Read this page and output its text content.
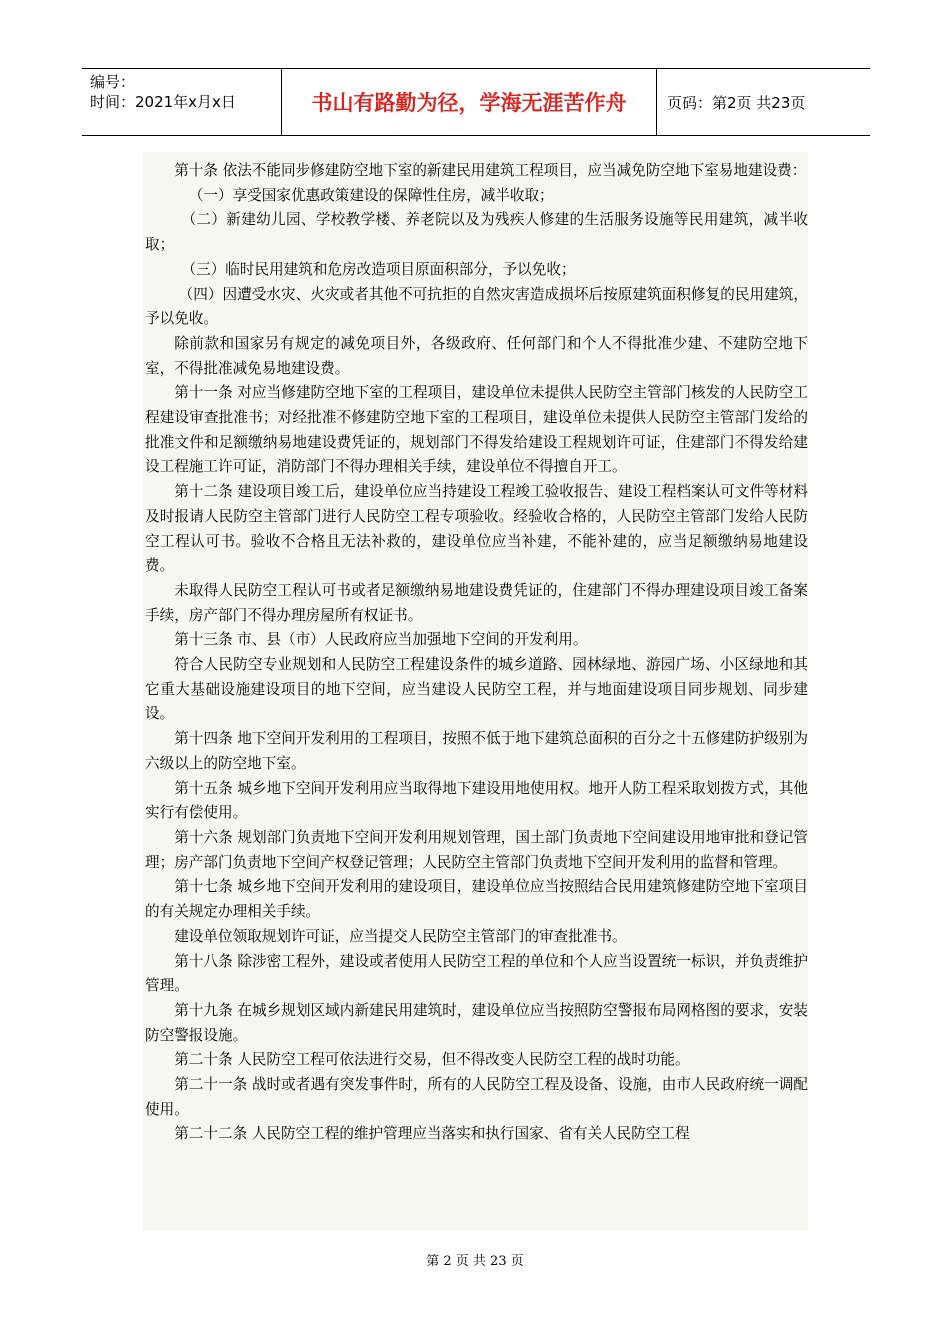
编号：
时间：2021年x月x日	书山有路勤为径，学海无涯苦作舟	页码：第2页 共23页

第十条 依法不能同步修建防空地下室的新建民用建筑工程项目，应当减免防空地下室易地建设费：

（一）享受国家优惠政策建设的保障性住房，减半收取；

（二）新建幼儿园、学校教学楼、养老院以及为残疾人修建的生活服务设施等民用建筑，减半收取；

（三）临时民用建筑和危房改造项目原面积部分，予以免收；

（四）因遭受水灾、火灾或者其他不可抗拒的自然灾害造成损坏后按原建筑面积修复的民用建筑，予以免收。

除前款和国家另有规定的减免项目外，各级政府、任何部门和个人不得批准少建、不建防空地下室，不得批准减免易地建设费。

第十一条 对应当修建防空地下室的工程项目，建设单位未提供人民防空主管部门核发的人民防空工程建设审查批准书；对经批准不修建防空地下室的工程项目，建设单位未提供人民防空主管部门发给的批准文件和足额缴纳易地建设费凭证的，规划部门不得发给建设工程规划许可证，住建部门不得发给建设工程施工许可证，消防部门不得办理相关手续，建设单位不得擅自开工。

第十二条 建设项目竣工后，建设单位应当持建设工程竣工验收报告、建设工程档案认可文件等材料及时报请人民防空主管部门进行人民防空工程专项验收。经验收合格的，人民防空主管部门发给人民防空工程认可书。验收不合格且无法补救的，建设单位应当补建，不能补建的，应当足额缴纳易地建设费。

未取得人民防空工程认可书或者足额缴纳易地建设费凭证的，住建部门不得办理建设项目竣工备案手续，房产部门不得办理房屋所有权证书。

第十三条 市、县（市）人民政府应当加强地下空间的开发利用。

符合人民防空专业规划和人民防空工程建设条件的城乡道路、园林绿地、游园广场、小区绿地和其它重大基础设施建设项目的地下空间，应当建设人民防空工程，并与地面建设项目同步规划、同步建设。

第十四条 地下空间开发利用的工程项目，按照不低于地下建筑总面积的百分之十五修建防护级别为六级以上的防空地下室。

第十五条 城乡地下空间开发利用应当取得地下建设用地使用权。地开人防工程采取划拨方式，其他实行有偿使用。

第十六条 规划部门负责地下空间开发利用规划管理，国土部门负责地下空间建设用地审批和登记管理；房产部门负责地下空间产权登记管理；人民防空主管部门负责地下空间开发利用的监督和管理。

第十七条 城乡地下空间开发利用的建设项目，建设单位应当按照结合民用建筑修建防空地下室项目的有关规定办理相关手续。

建设单位领取规划许可证，应当提交人民防空主管部门的审查批准书。

第十八条 除涉密工程外，建设或者使用人民防空工程的单位和个人应当设置统一标识，并负责维护管理。

第十九条 在城乡规划区域内新建民用建筑时，建设单位应当按照防空警报布局网格图的要求，安装防空警报设施。

第二十条 人民防空工程可依法进行交易，但不得改变人民防空工程的战时功能。

第二十一条 战时或者遇有突发事件时，所有的人民防空工程及设备、设施，由市人民政府统一调配使用。

第二十二条 人民防空工程的维护管理应当落实和执行国家、省有关人民防空工程

第 2 页 共 23 页
